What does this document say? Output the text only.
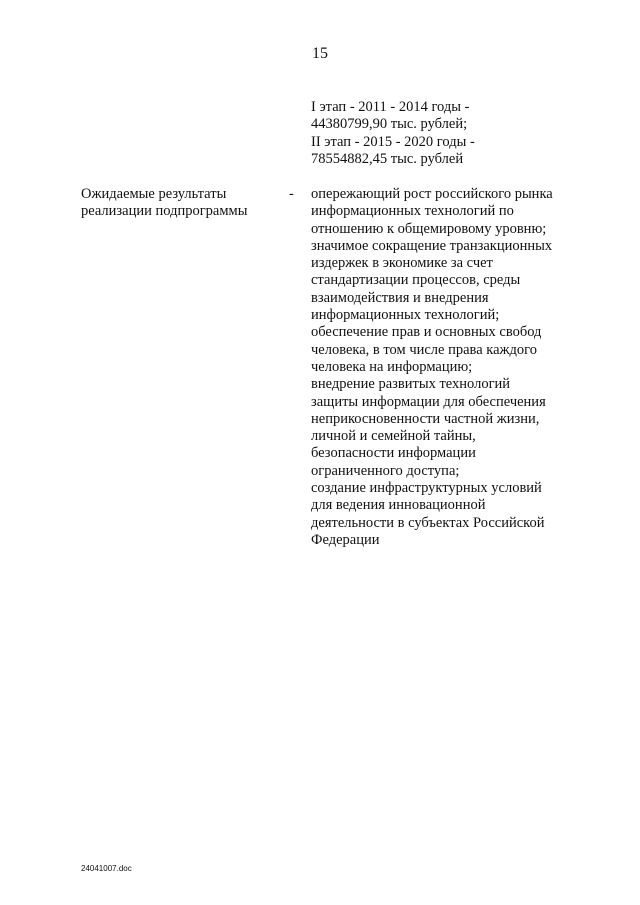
15
I этап - 2011 - 2014 годы -
44380799,90 тыс. рублей;
II этап - 2015 - 2020 годы -
78554882,45 тыс. рублей
Ожидаемые результаты
реализации подпрограммы
- опережающий рост российского рынка
информационных технологий по
отношению к общемировому уровню;
значимое сокращение транзакционных
издержек в экономике за счет
стандартизации процессов, среды
взаимодействия и внедрения
информационных технологий;
обеспечение прав и основных свобод
человека, в том числе права каждого
человека на информацию;
внедрение развитых технологий
защиты информации для обеспечения
неприкосновенности частной жизни,
личной и семейной тайны,
безопасности информации
ограниченного доступа;
создание инфраструктурных условий
для ведения инновационной
деятельности в субъектах Российской
Федерации
24041007.doc
